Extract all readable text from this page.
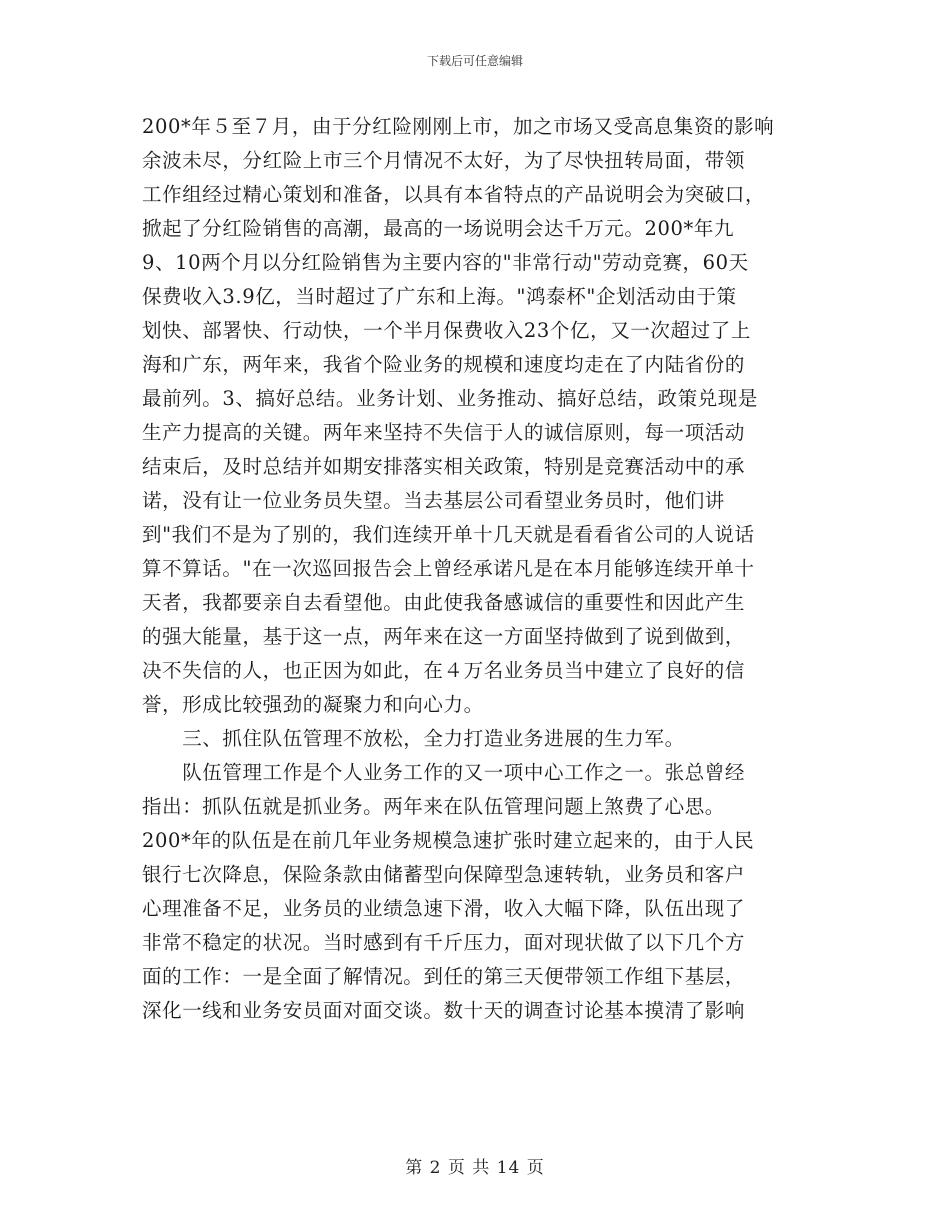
下载后可任意编辑
200*年５至７月，由于分红险刚刚上市，加之市场又受高息集资的影响
余波未尽，分红险上市三个月情况不太好，为了尽快扭转局面，带领
工作组经过精心策划和准备，以具有本省特点的产品说明会为突破口，
掀起了分红险销售的高潮，最高的一场说明会达千万元。200*年九
9、10两个月以分红险销售为主要内容的"非常行动"劳动竞赛，60天
保费收入3.9亿，当时超过了广东和上海。"鸿泰杯"企划活动由于策
划快、部署快、行动快，一个半月保费收入23个亿，又一次超过了上
海和广东，两年来，我省个险业务的规模和速度均走在了内陆省份的
最前列。3、搞好总结。业务计划、业务推动、搞好总结，政策兑现是
生产力提高的关键。两年来坚持不失信于人的诚信原则，每一项活动
结束后，及时总结并如期安排落实相关政策，特别是竞赛活动中的承
诺，没有让一位业务员失望。当去基层公司看望业务员时，他们讲
到"我们不是为了别的，我们连续开单十几天就是看看省公司的人说话
算不算话。"在一次巡回报告会上曾经承诺凡是在本月能够连续开单十
天者，我都要亲自去看望他。由此使我备感诚信的重要性和因此产生
的强大能量，基于这一点，两年来在这一方面坚持做到了说到做到，
决不失信的人，也正因为如此，在４万名业务员当中建立了良好的信
誉，形成比较强劲的凝聚力和向心力。
　　三、抓住队伍管理不放松，全力打造业务进展的生力军。
　　队伍管理工作是个人业务工作的又一项中心工作之一。张总曾经
指出：抓队伍就是抓业务。两年来在队伍管理问题上煞费了心思。
200*年的队伍是在前几年业务规模急速扩张时建立起来的，由于人民
银行七次降息，保险条款由储蓄型向保障型急速转轨，业务员和客户
心理准备不足，业务员的业绩急速下滑，收入大幅下降，队伍出现了
非常不稳定的状况。当时感到有千斤压力，面对现状做了以下几个方
面的工作：一是全面了解情况。到任的第三天便带领工作组下基层，
深化一线和业务安员面对面交谈。数十天的调查讨论基本摸清了影响
第 2 页 共 14 页
